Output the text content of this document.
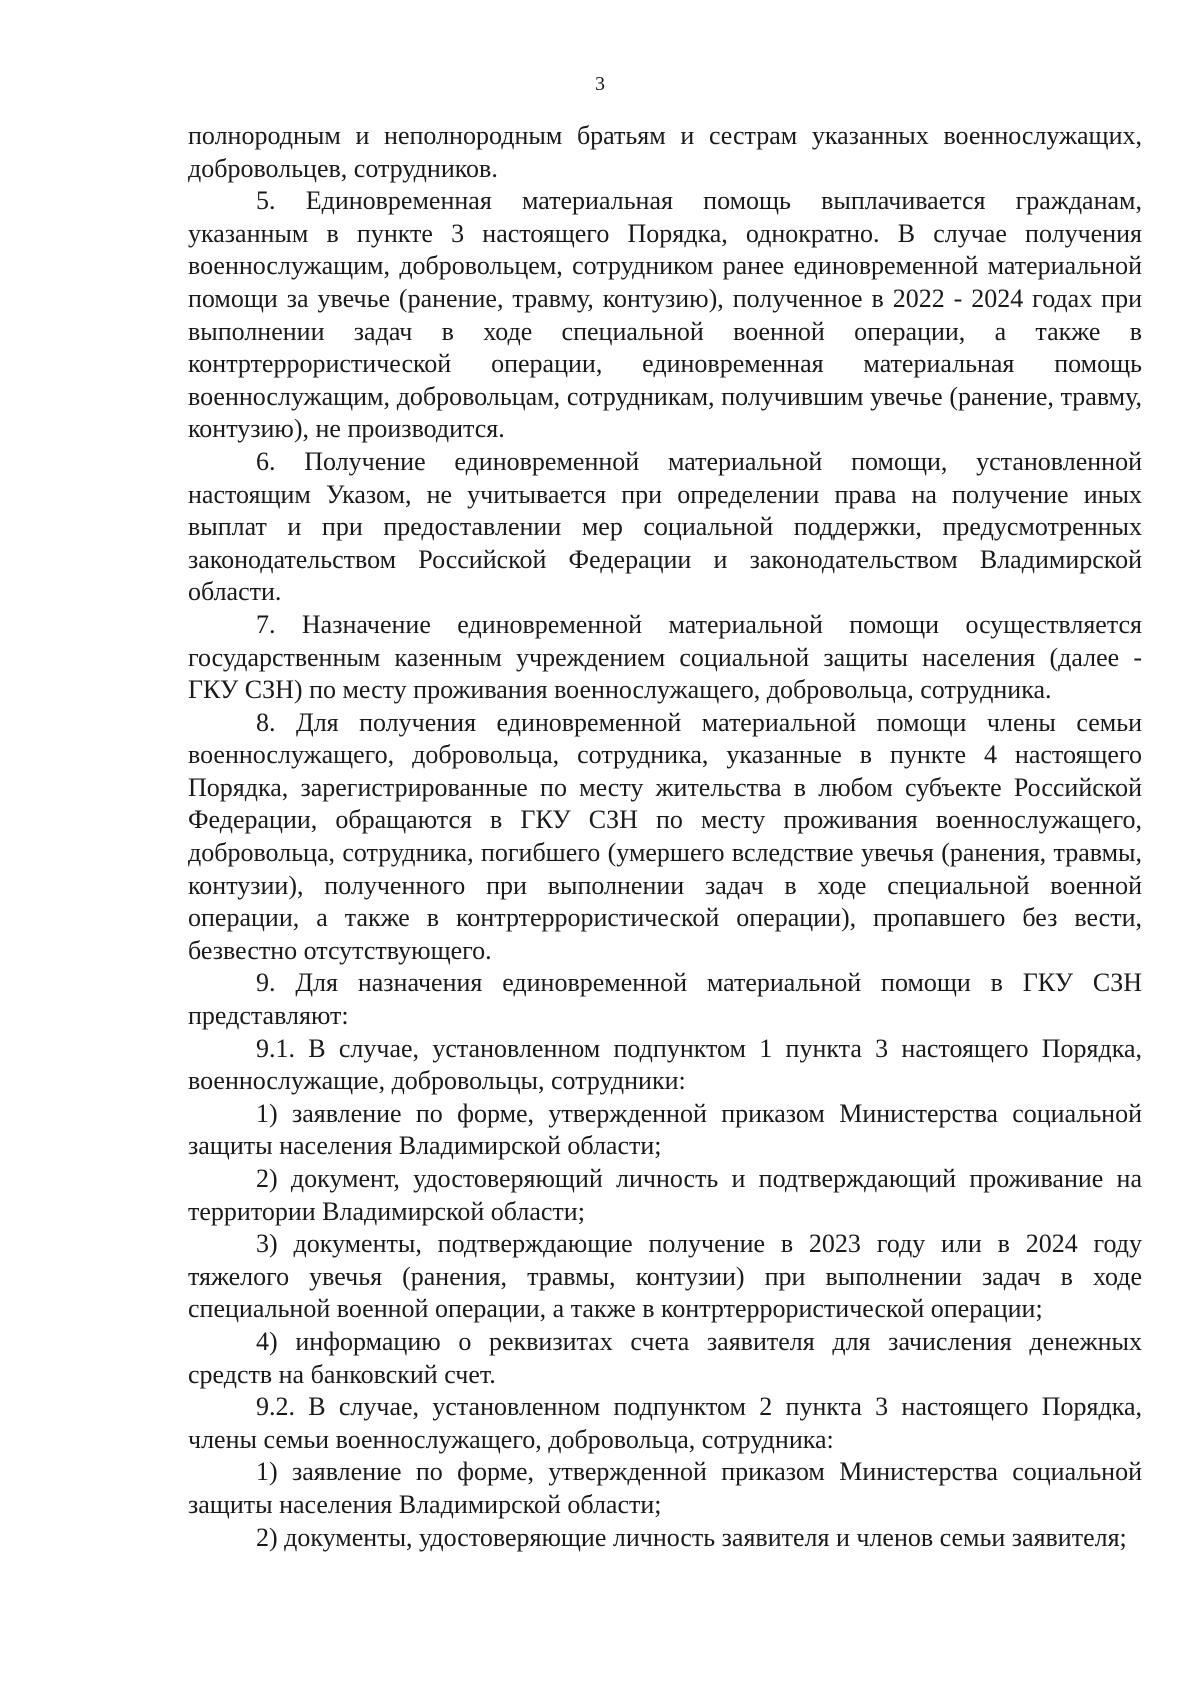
3

полнородным и неполнородным братьям и сестрам указанных военнослужащих, добровольцев, сотрудников.

5. Единовременная материальная помощь выплачивается гражданам, указанным в пункте 3 настоящего Порядка, однократно. В случае получения военнослужащим, добровольцем, сотрудником ранее единовременной материальной помощи за увечье (ранение, травму, контузию), полученное в 2022 - 2024 годах при выполнении задач в ходе специальной военной операции, а также в контртеррористической операции, единовременная материальная помощь военнослужащим, добровольцам, сотрудникам, получившим увечье (ранение, травму, контузию), не производится.

6. Получение единовременной материальной помощи, установленной настоящим Указом, не учитывается при определении права на получение иных выплат и при предоставлении мер социальной поддержки, предусмотренных законодательством Российской Федерации и законодательством Владимирской области.

7. Назначение единовременной материальной помощи осуществляется государственным казенным учреждением социальной защиты населения (далее - ГКУ СЗН) по месту проживания военнослужащего, добровольца, сотрудника.

8. Для получения единовременной материальной помощи члены семьи военнослужащего, добровольца, сотрудника, указанные в пункте 4 настоящего Порядка, зарегистрированные по месту жительства в любом субъекте Российской Федерации, обращаются в ГКУ СЗН по месту проживания военнослужащего, добровольца, сотрудника, погибшего (умершего вследствие увечья (ранения, травмы, контузии), полученного при выполнении задач в ходе специальной военной операции, а также в контртеррористической операции), пропавшего без вести, безвестно отсутствующего.

9. Для назначения единовременной материальной помощи в ГКУ СЗН представляют:

9.1. В случае, установленном подпунктом 1 пункта 3 настоящего Порядка, военнослужащие, добровольцы, сотрудники:

1) заявление по форме, утвержденной приказом Министерства социальной защиты населения Владимирской области;

2) документ, удостоверяющий личность и подтверждающий проживание на территории Владимирской области;

3) документы, подтверждающие получение в 2023 году или в 2024 году тяжелого увечья (ранения, травмы, контузии) при выполнении задач в ходе специальной военной операции, а также в контртеррористической операции;

4) информацию о реквизитах счета заявителя для зачисления денежных средств на банковский счет.

9.2. В случае, установленном подпунктом 2 пункта 3 настоящего Порядка, члены семьи военнослужащего, добровольца, сотрудника:

1) заявление по форме, утвержденной приказом Министерства социальной защиты населения Владимирской области;

2) документы, удостоверяющие личность заявителя и членов семьи заявителя;
